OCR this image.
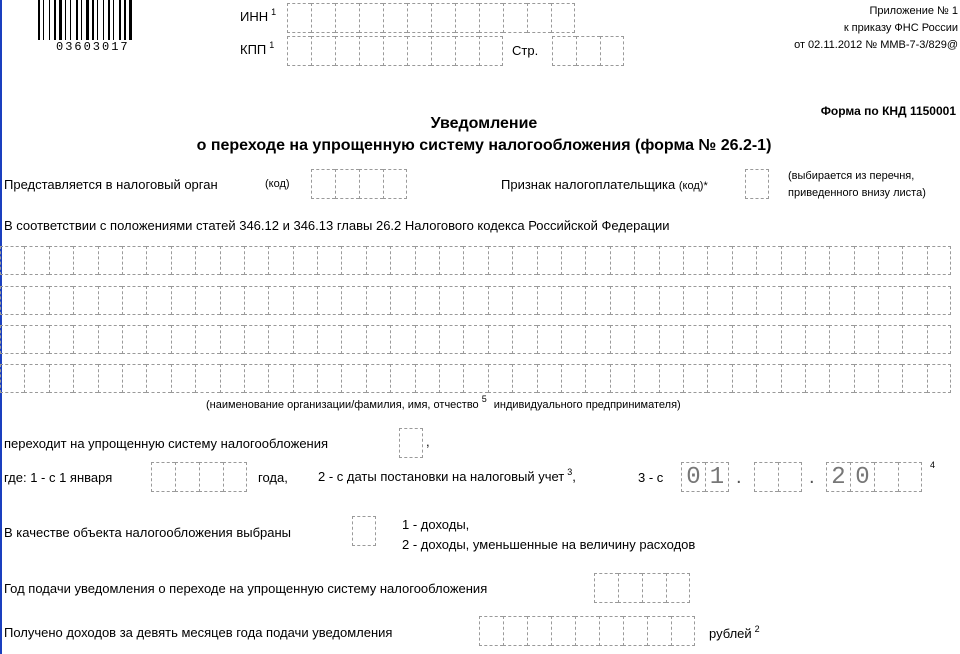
03603017
ИНН $^1$
КПП $^1$	Стр.
Приложение № 1
к приказу ФНС России
от 02.11.2012 № ММВ-7-3/829@
Форма по КНД 1150001
Уведомление
о переходе на упрощенную систему налогообложения (форма № 26.2-1)
Представляется в налоговый орган	(код)	Признак налогоплательщика (код)*
(выбирается из перечня,
приведенного внизу листа)
В соответствии с положениями статей 346.12 и 346.13 главы 26.2 Налогового кодекса Российской Федерации
(наименование организации/фамилия, имя, отчество $^5$ индивидуального предпринимателя)
переходит на упрощенную систему налогообложения	,
где: 1 - с 1 января	года, 2 - с даты постановки на налоговый учет $^3$,	3 - с 0 1 .	. 2 0	4
В качестве объекта налогообложения выбраны
1 - доходы,
2 - доходы, уменьшенные на величину расходов
Год подачи уведомления о переходе на упрощенную систему налогообложения
Получено доходов за девять месяцев года подачи уведомления	рублей $^2$
